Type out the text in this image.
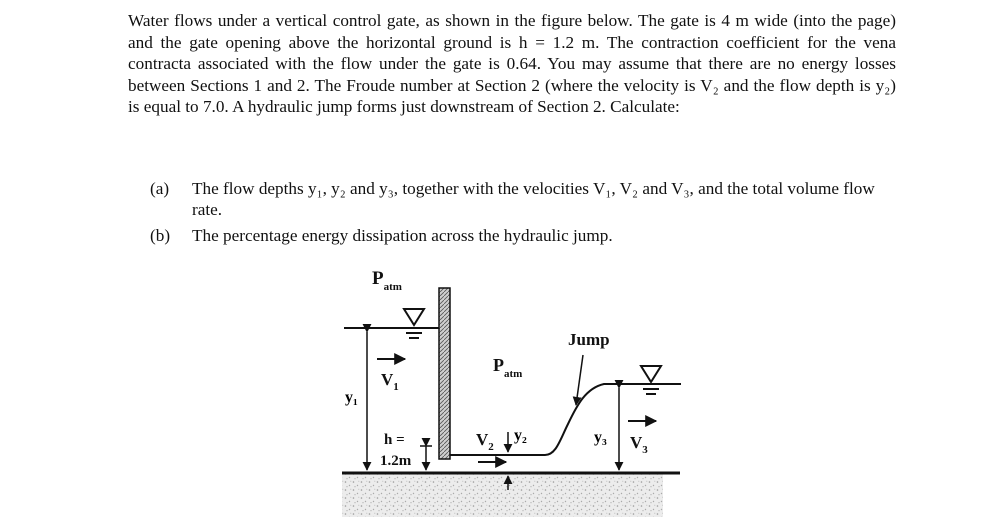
Water flows under a vertical control gate, as shown in the figure below. The gate is 4 m wide (into the page) and the gate opening above the horizontal ground is h = 1.2 m. The contraction coefficient for the vena contracta associated with the flow under the gate is 0.64. You may assume that there are no energy losses between Sections 1 and 2. The Froude number at Section 2 (where the velocity is V₂ and the flow depth is y₂) is equal to 7.0. A hydraulic jump forms just downstream of Section 2. Calculate:

(a)	The flow depths y₁, y₂ and y₃, together with the velocities V₁, V₂ and V₃, and the total volume flow rate.
(b)	The percentage energy dissipation across the hydraulic jump.
y₁
$V_1$
h =
1.2m
$P_{atm}$
$P_{atm}$
$V_2$
y₂
Jump
y₃ $V_3$
